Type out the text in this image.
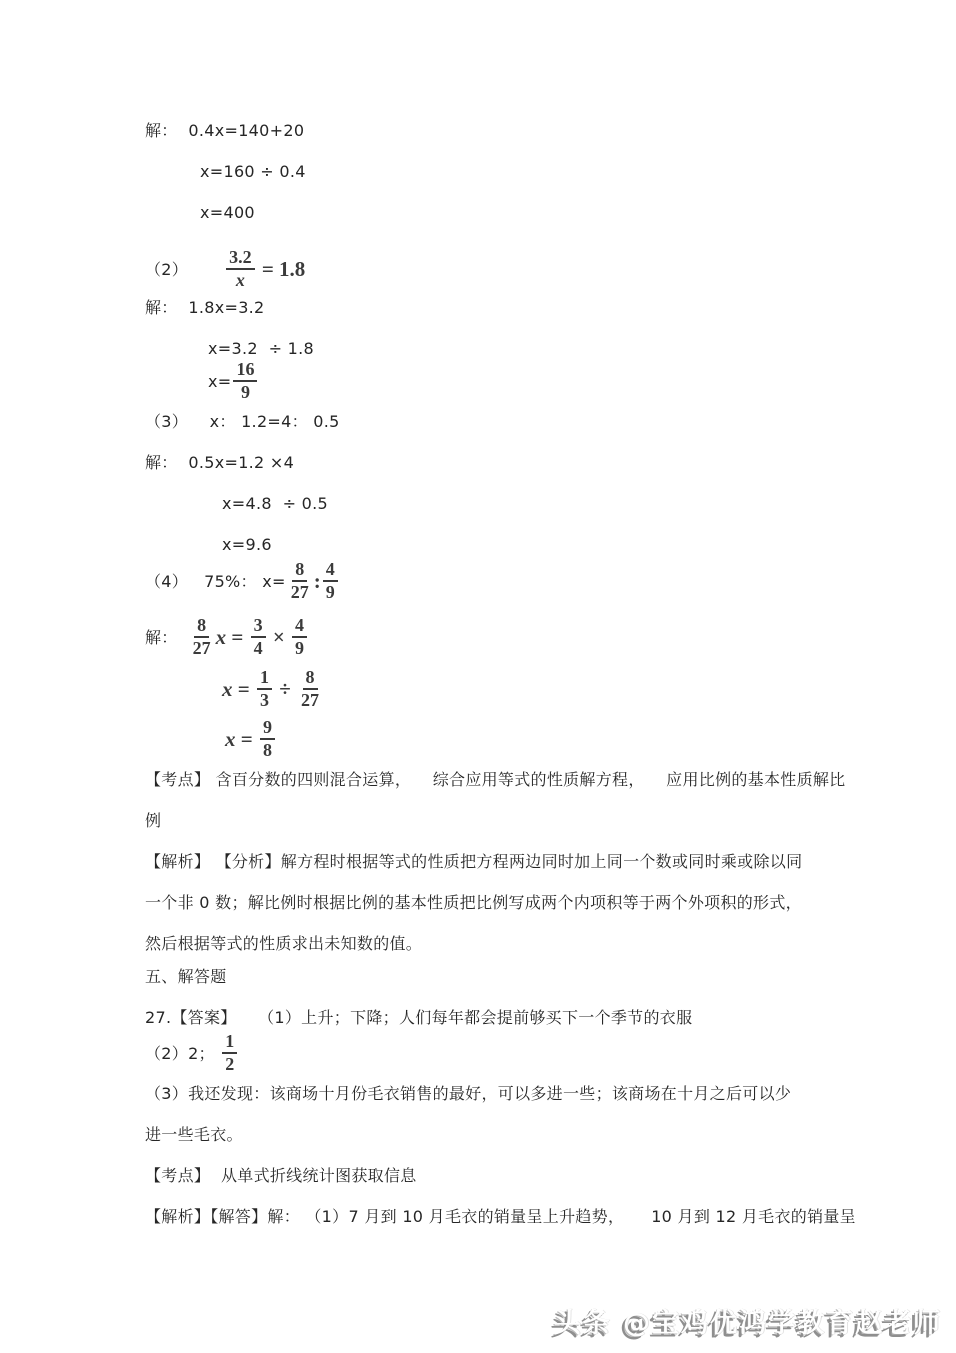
解：  0.4x=140+20
x=160 ÷ 0.4
x=400
$(2) \frac{3.2}{x} = 1.8$
解：  1.8x=3.2
x=3.2  ÷ 1.8
$x= \frac{16}{9}$
（3）    x： 1.2=4： 0.5
解：  0.5x=1.2 ×4
x=4.8  ÷ 0.5
x=9.6
（4） 75%： $x= \frac{8}{27}$ : $\frac{4}{9}$
解： $\frac{8}{27}$ $x = \frac{3}{4} \times \frac{4}{9}$
$x = \frac{1}{3} \div \frac{8}{27}$
$x = \frac{9}{8}$
【考点】 含百分数的四则混合运算，    综合应用等式的性质解方程，    应用比例的基本性质解比
例
【解析】 【分析】解方程时根据等式的性质把方程两边同时加上同一个数或同时乘或除以同
一个非 0 数；解比例时根据比例的基本性质把比例写成两个内项积等于两个外项积的形式，
然后根据等式的性质求出未知数的值。
五、解答题
27.【答案】    （1）上升；下降；人们每年都会提前够买下一个季节的衣服
（2）2； $\frac{1}{2}$
（3）我还发现：该商场十月份毛衣销售的最好，可以多进一些；该商场在十月之后可以少
进一些毛衣。
【考点】  从单式折线统计图获取信息
【解析】【解答】解： （1）7 月到 10 月毛衣的销量呈上升趋势，     10 月到 12 月毛衣的销量呈
头条 @宝鸡优鸿学教育赵老师
